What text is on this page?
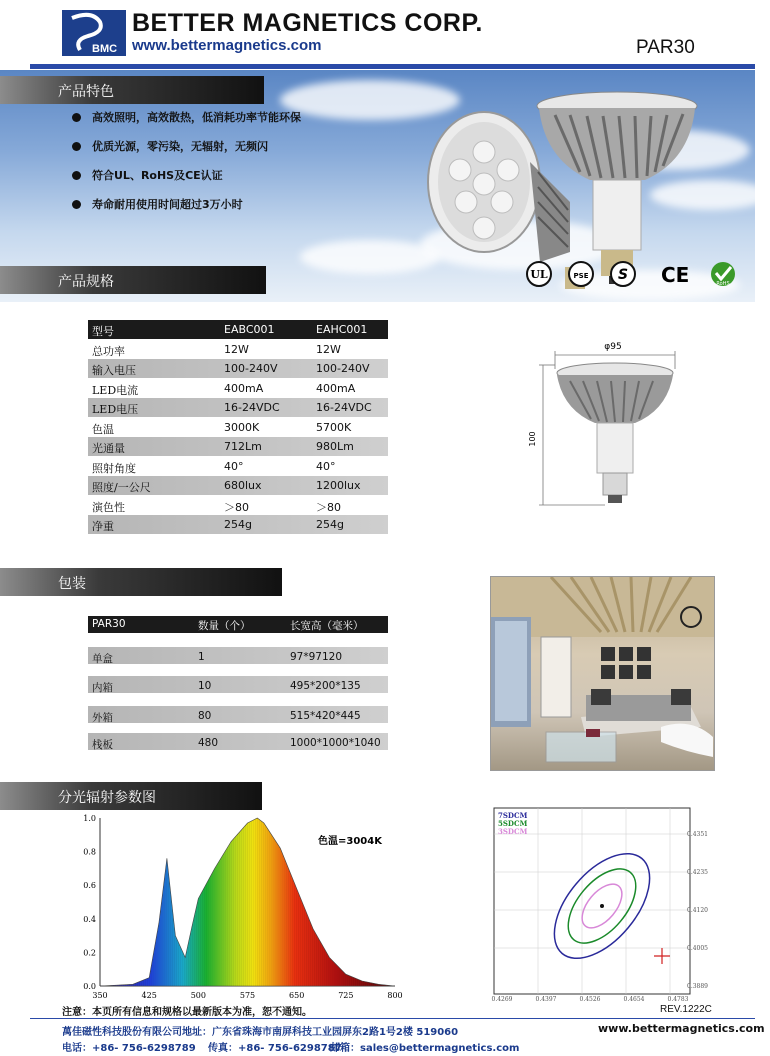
BMC
BETTER MAGNETICS CORP.
www.bettermagnetics.com	PAR30
产品特色
高效照明，高效散热，低消耗功率节能环保
优质光源，零污染，无辐射，无频闪
符合UL、RoHS及CE认证
寿命耐用使用时间超过3万小时
产品规格	UL	PSE S CE	RoHS
型号	EABC001	EAHC001
总功率	12W	12W
输入电压	100-240V	100-240V
LED电流	400mA	400mA
LED电压	16-24VDC	16-24VDC
色温	3000K	5700K
光通量	712Lm	980Lm
照射角度	40°	40°
照度/一公尺	680lux	1200lux
演色性	＞80	＞80
净重	254g	254g
φ95
100
包装
PAR30	数量（个）	长宽高（毫米）
单盒	1	97*97120
内箱	10	495*200*135
外箱	80	515*420*445
栈板	480	1000*1000*1040
分光辐射参数图
350	425	500	575	650	725	800
0.0
0.2
0.4
0.6
0.8
1.0
色温=3004K
7SDCM
5SDCM
3SDCM
0.4269	0.4397	0.4526	0.4654	0.4783
0.4351
0.4235
0.4120
0.4005
0.3889
注意：本页所有信息和规格以最新版本为准，恕不通知。	REV.1222C
萬佳磁性科技股份有限公司地址：广东省珠海市南屏科技工业园屏东2路1号2楼 519060	www.bettermagnetics.com
电话：+86- 756-6298789 传真：+86- 756-6298787
邮箱：sales@bettermagnetics.com
